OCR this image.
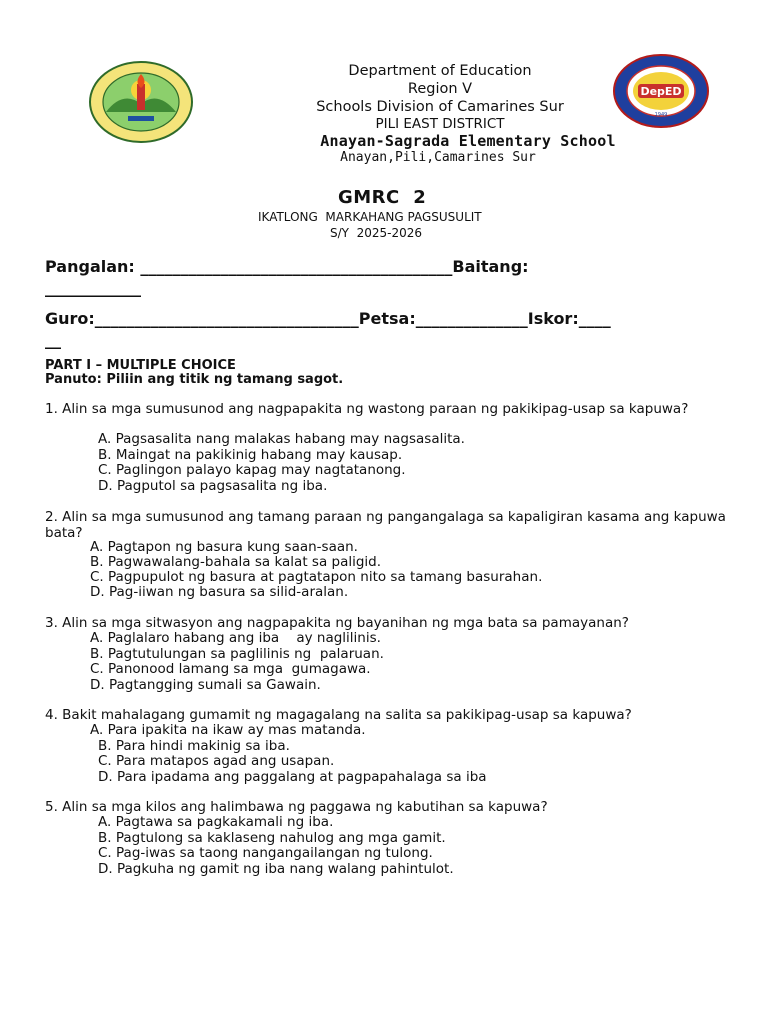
DepED
1949
Department of Education
Region V
Schools Division of Camarines Sur
PILI EAST DISTRICT
Anayan-Sagrada Elementary School
Anayan,Pili,Camarines Sur
GMRC  2
IKATLONG  MARKAHANG PAGSUSULIT
S/Y  2025-2026
Pangalan: _______________________________________Baitang:
____________
Guro:_________________________________Petsa:______________Iskor:____
__
PART I – MULTIPLE CHOICE
Panuto: Piliin ang titik ng tamang sagot.
1. Alin sa mga sumusunod ang nagpapakita ng wastong paraan ng pakikipag-usap sa kapuwa?
A. Pagsasalita nang malakas habang may nagsasalita.
B. Maingat na pakikinig habang may kausap.
C. Paglingon palayo kapag may nagtatanong.
D. Pagputol sa pagsasalita ng iba.
2. Alin sa mga sumusunod ang tamang paraan ng pangangalaga sa kapaligiran kasama ang kapuwa   bata?
A. Pagtapon ng basura kung saan-saan.
B. Pagwawalang-bahala sa kalat sa paligid.
C. Pagpupulot ng basura at pagtatapon nito sa tamang basurahan.
D. Pag-iiwan ng basura sa silid-aralan.
3. Alin sa mga sitwasyon ang nagpapakita ng bayanihan ng mga bata sa pamayanan?
A. Paglalaro habang ang iba    ay naglilinis.
B. Pagtutulungan sa paglilinis ng  palaruan.
C. Panonood lamang sa mga  gumagawa.
D. Pagtangging sumali sa Gawain.
4. Bakit mahalagang gumamit ng magagalang na salita sa pakikipag-usap sa kapuwa?
A. Para ipakita na ikaw ay mas matanda.
B. Para hindi makinig sa iba.
C. Para matapos agad ang usapan.
D. Para ipadama ang paggalang at pagpapahalaga sa iba
5. Alin sa mga kilos ang halimbawa ng paggawa ng kabutihan sa kapuwa?
A. Pagtawa sa pagkakamali ng iba.
B. Pagtulong sa kaklaseng nahulog ang mga gamit.
C. Pag-iwas sa taong nangangailangan ng tulong.
D. Pagkuha ng gamit ng iba nang walang pahintulot.
